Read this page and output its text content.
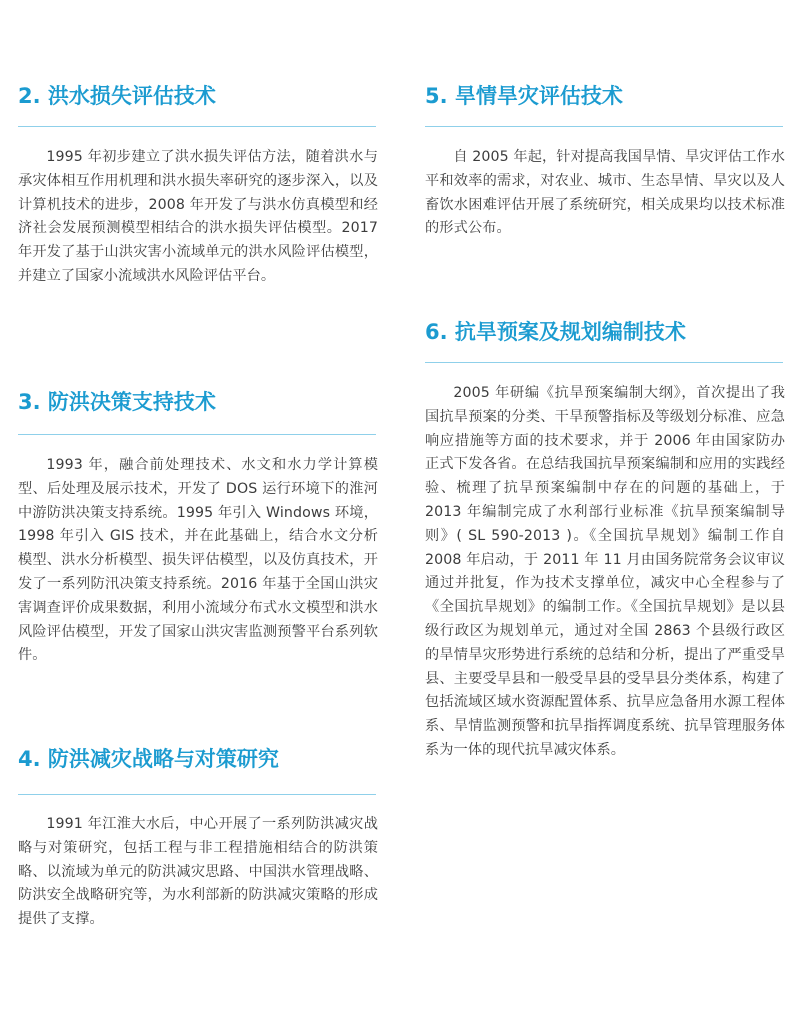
2. 洪水损失评估技术

1995 年初步建立了洪水损失评估方法，随着洪水与承灾体相互作用机理和洪水损失率研究的逐步深入，以及计算机技术的进步，2008 年开发了与洪水仿真模型和经济社会发展预测模型相结合的洪水损失评估模型。2017 年开发了基于山洪灾害小流域单元的洪水风险评估模型，并建立了国家小流域洪水风险评估平台。

3. 防洪决策支持技术

1993 年，融合前处理技术、水文和水力学计算模型、后处理及展示技术，开发了 DOS 运行环境下的淮河中游防洪决策支持系统。1995 年引入 Windows 环境，1998 年引入 GIS 技术，并在此基础上，结合水文分析模型、洪水分析模型、损失评估模型，以及仿真技术，开发了一系列防汛决策支持系统。2016 年基于全国山洪灾害调查评价成果数据，利用小流域分布式水文模型和洪水风险评估模型，开发了国家山洪灾害监测预警平台系列软件。

4. 防洪减灾战略与对策研究

1991 年江淮大水后，中心开展了一系列防洪减灾战略与对策研究，包括工程与非工程措施相结合的防洪策略、以流域为单元的防洪减灾思路、中国洪水管理战略、防洪安全战略研究等，为水利部新的防洪减灾策略的形成提供了支撑。

5. 旱情旱灾评估技术

自 2005 年起，针对提高我国旱情、旱灾评估工作水平和效率的需求，对农业、城市、生态旱情、旱灾以及人畜饮水困难评估开展了系统研究，相关成果均以技术标准的形式公布。

6. 抗旱预案及规划编制技术

2005 年研编《抗旱预案编制大纲》，首次提出了我国抗旱预案的分类、干旱预警指标及等级划分标准、应急响应措施等方面的技术要求，并于 2006 年由国家防办正式下发各省。在总结我国抗旱预案编制和应用的实践经验、梳理了抗旱预案编制中存在的问题的基础上，于 2013 年编制完成了水利部行业标准《抗旱预案编制导则》( SL 590-2013 )。《全国抗旱规划》编制工作自 2008 年启动，于 2011 年 11 月由国务院常务会议审议通过并批复，作为技术支撑单位，减灾中心全程参与了《全国抗旱规划》的编制工作。《全国抗旱规划》是以县级行政区为规划单元，通过对全国 2863 个县级行政区的旱情旱灾形势进行系统的总结和分析，提出了严重受旱县、主要受旱县和一般受旱县的受旱县分类体系，构建了包括流域区域水资源配置体系、抗旱应急备用水源工程体系、旱情监测预警和抗旱指挥调度系统、抗旱管理服务体系为一体的现代抗旱减灾体系。
